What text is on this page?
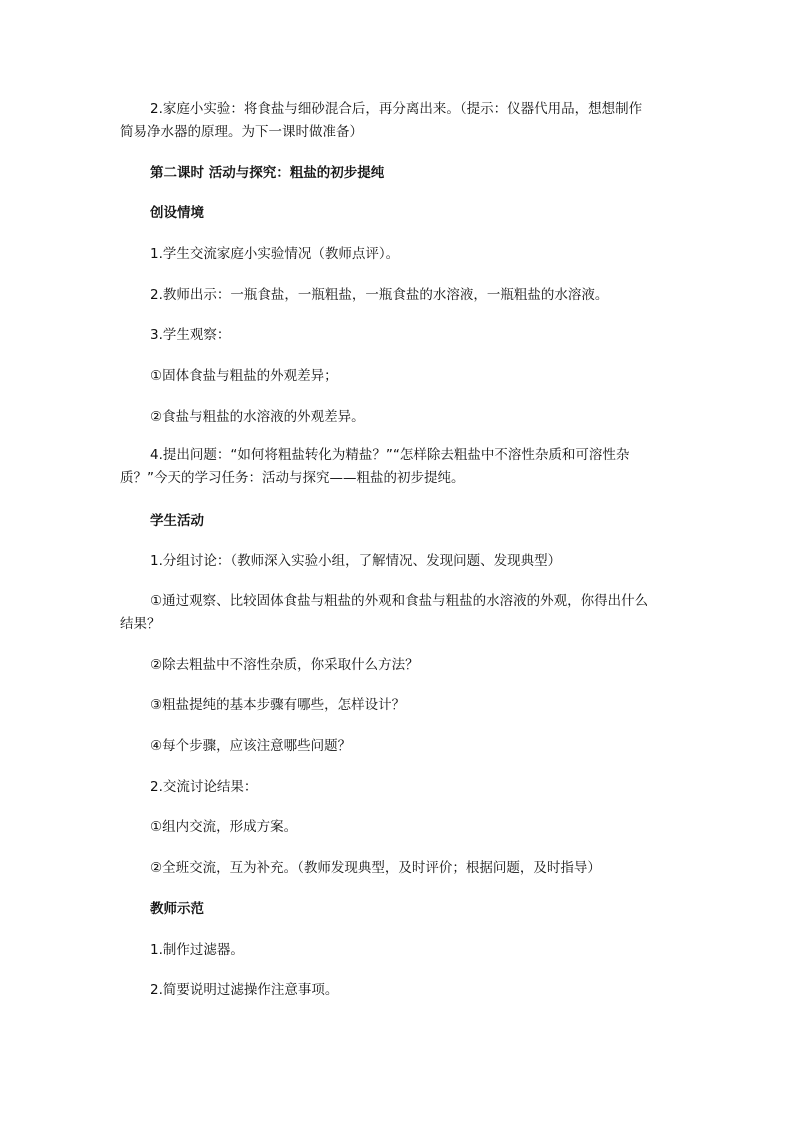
2.家庭小实验：将食盐与细砂混合后，再分离出来。（提示：仪器代用品，想想制作
简易净水器的原理。为下一课时做准备）
第二课时 活动与探究：粗盐的初步提纯
创设情境
1.学生交流家庭小实验情况（教师点评）。
2.教师出示：一瓶食盐，一瓶粗盐，一瓶食盐的水溶液，一瓶粗盐的水溶液。
3.学生观察：
①固体食盐与粗盐的外观差异；
②食盐与粗盐的水溶液的外观差异。
4.提出问题：“如何将粗盐转化为精盐？”“怎样除去粗盐中不溶性杂质和可溶性杂
质？”今天的学习任务：活动与探究——粗盐的初步提纯。
学生活动
1.分组讨论：（教师深入实验小组，了解情况、发现问题、发现典型）
①通过观察、比较固体食盐与粗盐的外观和食盐与粗盐的水溶液的外观，你得出什么
结果？
②除去粗盐中不溶性杂质，你采取什么方法？
③粗盐提纯的基本步骤有哪些，怎样设计？
④每个步骤，应该注意哪些问题？
2.交流讨论结果：
①组内交流，形成方案。
②全班交流，互为补充。（教师发现典型，及时评价；根据问题，及时指导）
教师示范
1.制作过滤器。
2.简要说明过滤操作注意事项。
